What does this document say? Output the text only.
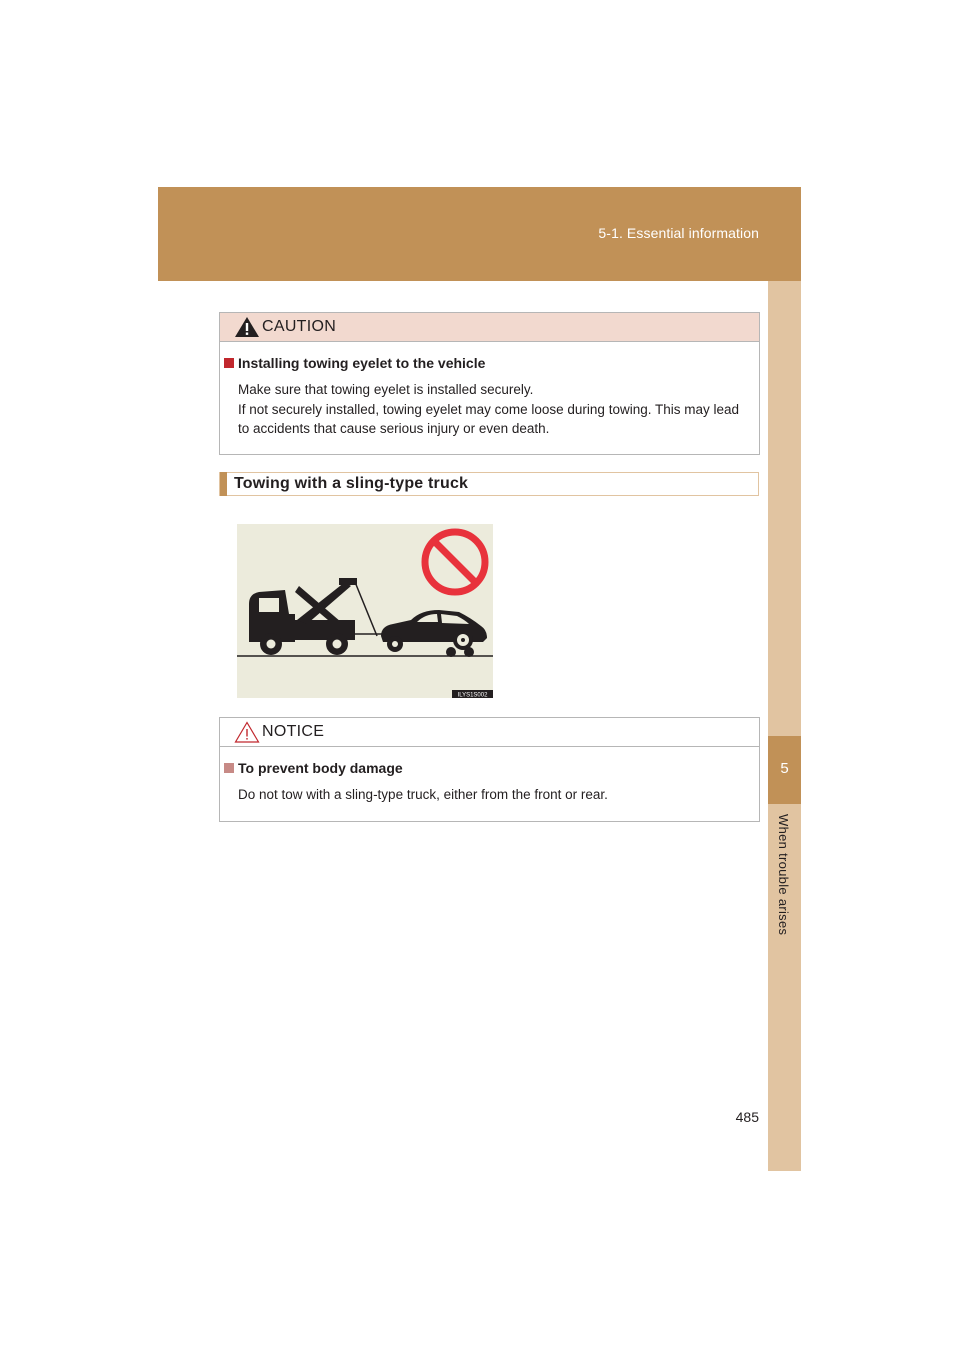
5-1. Essential information
5
When trouble arises
CAUTION
Installing towing eyelet to the vehicle
Make sure that towing eyelet is installed securely.
If not securely installed, towing eyelet may come loose during towing. This may lead
to accidents that cause serious injury or even death.
Towing with a sling-type truck
ILYS1S002
NOTICE
To prevent body damage
Do not tow with a sling-type truck, either from the front or rear.
485
